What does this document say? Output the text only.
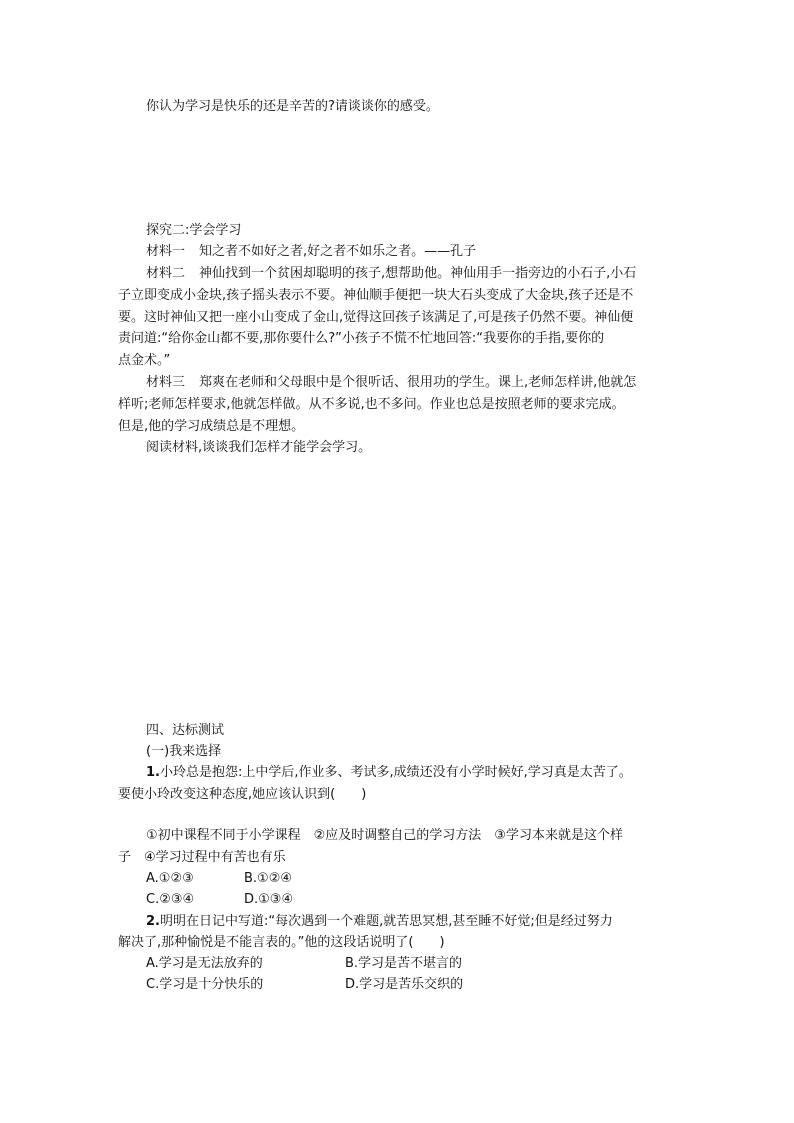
你认为学习是快乐的还是辛苦的?请谈谈你的感受。
探究二:学会学习
材料一 知之者不如好之者,好之者不如乐之者。——孔子
材料二 神仙找到一个贫困却聪明的孩子,想帮助他。神仙用手一指旁边的小石子,小石
子立即变成小金块,孩子摇头表示不要。神仙顺手便把一块大石头变成了大金块,孩子还是不
要。这时神仙又把一座小山变成了金山,觉得这回孩子该满足了,可是孩子仍然不要。神仙便
责问道:“给你金山都不要,那你要什么?”小孩子不慌不忙地回答:“我要你的手指,要你的
点金术。”
材料三 郑爽在老师和父母眼中是个很听话、很用功的学生。课上,老师怎样讲,他就怎
样听;老师怎样要求,他就怎样做。从不多说,也不多问。作业也总是按照老师的要求完成。
但是,他的学习成绩总是不理想。
阅读材料,谈谈我们怎样才能学会学习。
四、达标测试
(一)我来选择
1.小玲总是抱怨:上中学后,作业多、考试多,成绩还没有小学时候好,学习真是太苦了。
要使小玲改变这种态度,她应该认识到(　　)
①初中课程不同于小学课程　②应及时调整自己的学习方法　③学习本来就是这个样
子　④学习过程中有苦也有乐
A.①②③	B.①②④
C.②③④	D.①③④
2.明明在日记中写道:“每次遇到一个难题,就苦思冥想,甚至睡不好觉;但是经过努力
解决了,那种愉悦是不能言表的。”他的这段话说明了(　　)
A.学习是无法放弃的	B.学习是苦不堪言的
C.学习是十分快乐的	D.学习是苦乐交织的
